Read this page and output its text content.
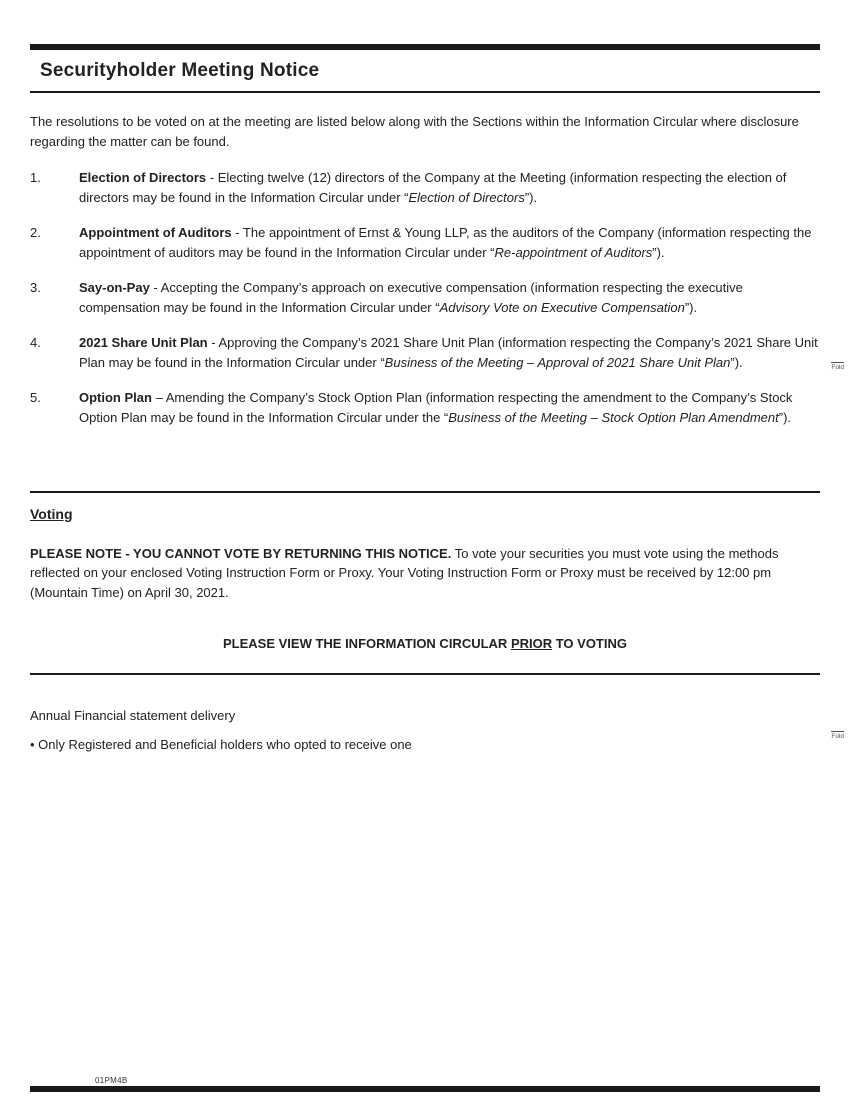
Securityholder Meeting Notice

The resolutions to be voted on at the meeting are listed below along with the Sections within the Information Circular where disclosure regarding the matter can be found.

1.	Election of Directors - Electing twelve (12) directors of the Company at the Meeting (information respecting the election of directors may be found in the Information Circular under “Election of Directors”).

2.	Appointment of Auditors - The appointment of Ernst & Young LLP, as the auditors of the Company (information respecting the appointment of auditors may be found in the Information Circular under “Re-appointment of Auditors”).

3.	Say-on-Pay - Accepting the Company’s approach on executive compensation (information respecting the executive compensation may be found in the Information Circular under “Advisory Vote on Executive Compensation”).

4.	2021 Share Unit Plan - Approving the Company’s 2021 Share Unit Plan (information respecting the Company’s 2021 Share Unit Plan may be found in the Information Circular under “Business of the Meeting – Approval of 2021 Share Unit Plan”).

5.	Option Plan – Amending the Company’s Stock Option Plan (information respecting the amendment to the Company’s Stock Option Plan may be found in the Information Circular under the “Business of the Meeting – Stock Option Plan Amendment”).

Voting

PLEASE NOTE - YOU CANNOT VOTE BY RETURNING THIS NOTICE. To vote your securities you must vote using the methods reflected on your enclosed Voting Instruction Form or Proxy. Your Voting Instruction Form or Proxy must be received by 12:00 pm (Mountain Time) on April 30, 2021.

PLEASE VIEW THE INFORMATION CIRCULAR PRIOR TO VOTING

Annual Financial statement delivery

• Only Registered and Beneficial holders who opted to receive one

Fold
Fold
01PM4B
